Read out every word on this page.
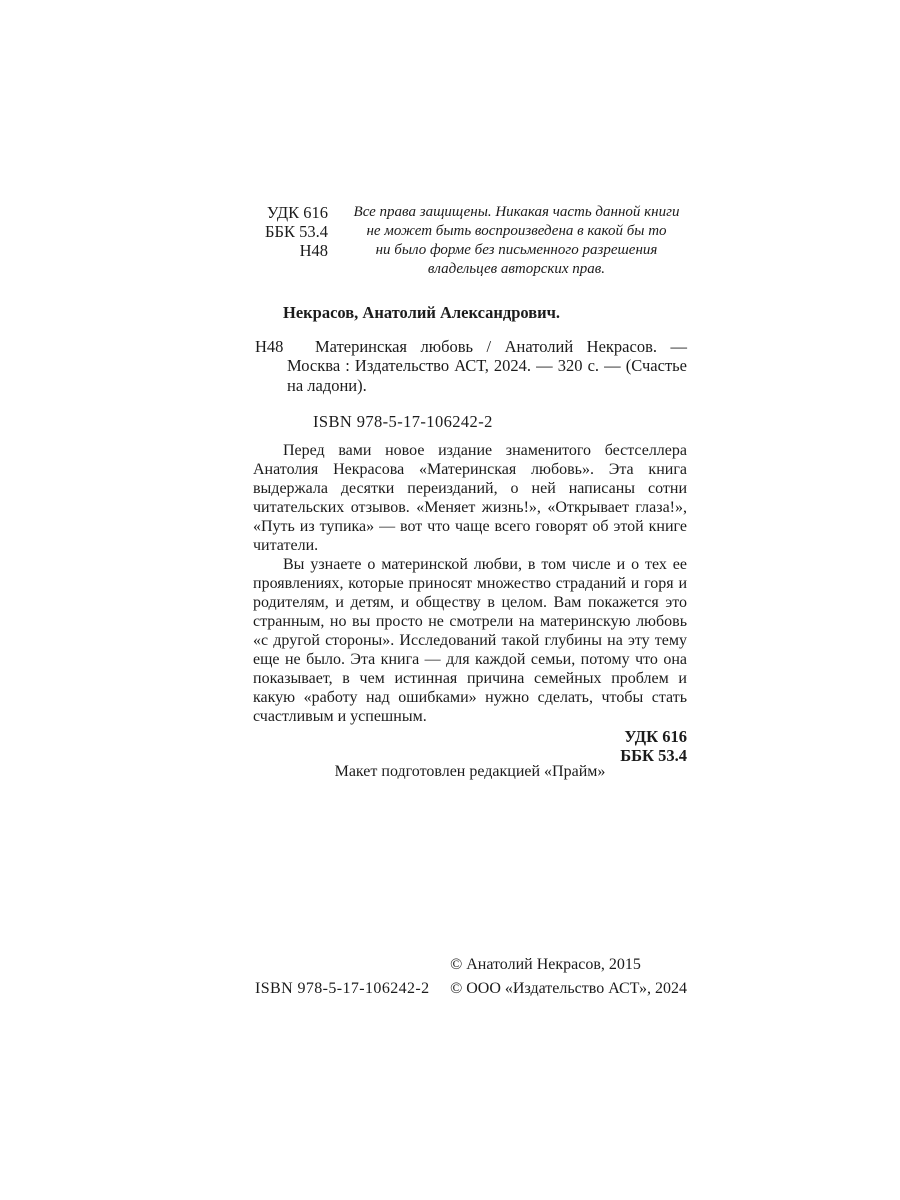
УДК 616
ББК 53.4
Н48
Все права защищены. Никакая часть данной книги
не может быть воспроизведена в какой бы то
ни было форме без письменного разрешения
владельцев авторских прав.

Некрасов, Анатолий Александрович.

Н48	Материнская любовь / Анатолий Некрасов. — Москва : Издательство АСТ, 2024. — 320 с. — (Счастье на ладони).

ISBN 978-5-17-106242-2

Перед вами новое издание знаменитого бестселлера Анатолия Некрасова «Материнская любовь». Эта книга выдержала десятки переизданий, о ней написаны сотни читательских отзывов. «Меняет жизнь!», «Открывает глаза!», «Путь из тупика» — вот что чаще всего говорят об этой книге читатели.

Вы узнаете о материнской любви, в том числе и о тех ее проявлениях, которые приносят множество страданий и горя и родителям, и детям, и обществу в целом. Вам покажется это странным, но вы просто не смотрели на материнскую любовь «с другой стороны». Исследований такой глубины на эту тему еще не было. Эта книга — для каждой семьи, потому что она показывает, в чем истинная причина семейных проблем и какую «работу над ошибками» нужно сделать, чтобы стать счастливым и успешным.

УДК 616
ББК 53.4
Макет подготовлен редакцией «Прайм»
ISBN 978-5-17-106242-2
© Анатолий Некрасов, 2015
© ООО «Издательство АСТ», 2024
